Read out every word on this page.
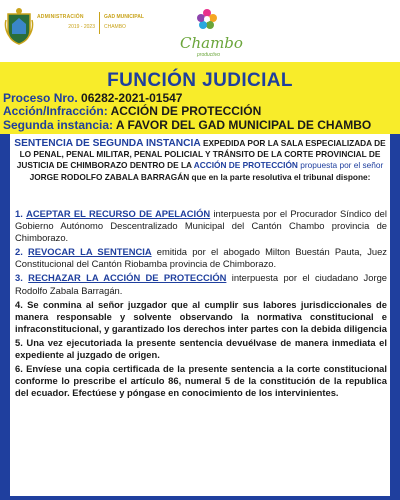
ADMINISTRACIÓN
2019 - 2023
GAD MUNICIPAL
CHAMBO
Chambo
productivo
FUNCIÓN JUDICIAL
Proceso Nro. 06282-2021-01547
Acción/Infracción: ACCIÓN DE PROTECCIÓN
Segunda instancia: A FAVOR DEL GAD MUNICIPAL DE CHAMBO
SENTENCIA DE SEGUNDA INSTANCIA EXPEDIDA POR LA SALA ESPECIALIZADA DE LO PENAL, PENAL MILITAR, PENAL POLICIAL Y TRÁNSITO DE LA CORTE PROVINCIAL DE JUSTICIA DE CHIMBORAZO DENTRO DE LA ACCIÓN DE PROTECCIÓN propuesta por el señor JORGE RODOLFO ZABALA BARRAGÁN que en la parte resolutiva el tribunal dispone:
1. ACEPTAR EL RECURSO DE APELACIÓN interpuesta por el Procurador Síndico del Gobierno Autónomo Descentralizado Municipal del Cantón Chambo provincia de Chimborazo.
2. REVOCAR LA SENTENCIA emitida por el abogado Milton Buestán Pauta, Juez Constitucional del Cantón Riobamba provincia de Chimborazo.
3. RECHAZAR LA ACCIÓN DE PROTECCIÓN interpuesta por el ciudadano Jorge Rodolfo Zabala Barragán.
4. Se conmina al señor juzgador que al cumplir sus labores jurisdiccionales de manera responsable y solvente observando la normativa constitucional e infraconstitucional, y garantizado los derechos inter partes con la debida diligencia
5. Una vez ejecutoriada la presente sentencia devuélvase de manera inmediata el expediente al juzgado de origen.
6. Envíese una copia certificada de la presente sentencia a la corte constitucional conforme lo prescribe el artículo 86, numeral 5 de la constitución de la republica del ecuador. Efectúese y póngase en conocimiento de los intervinientes.
